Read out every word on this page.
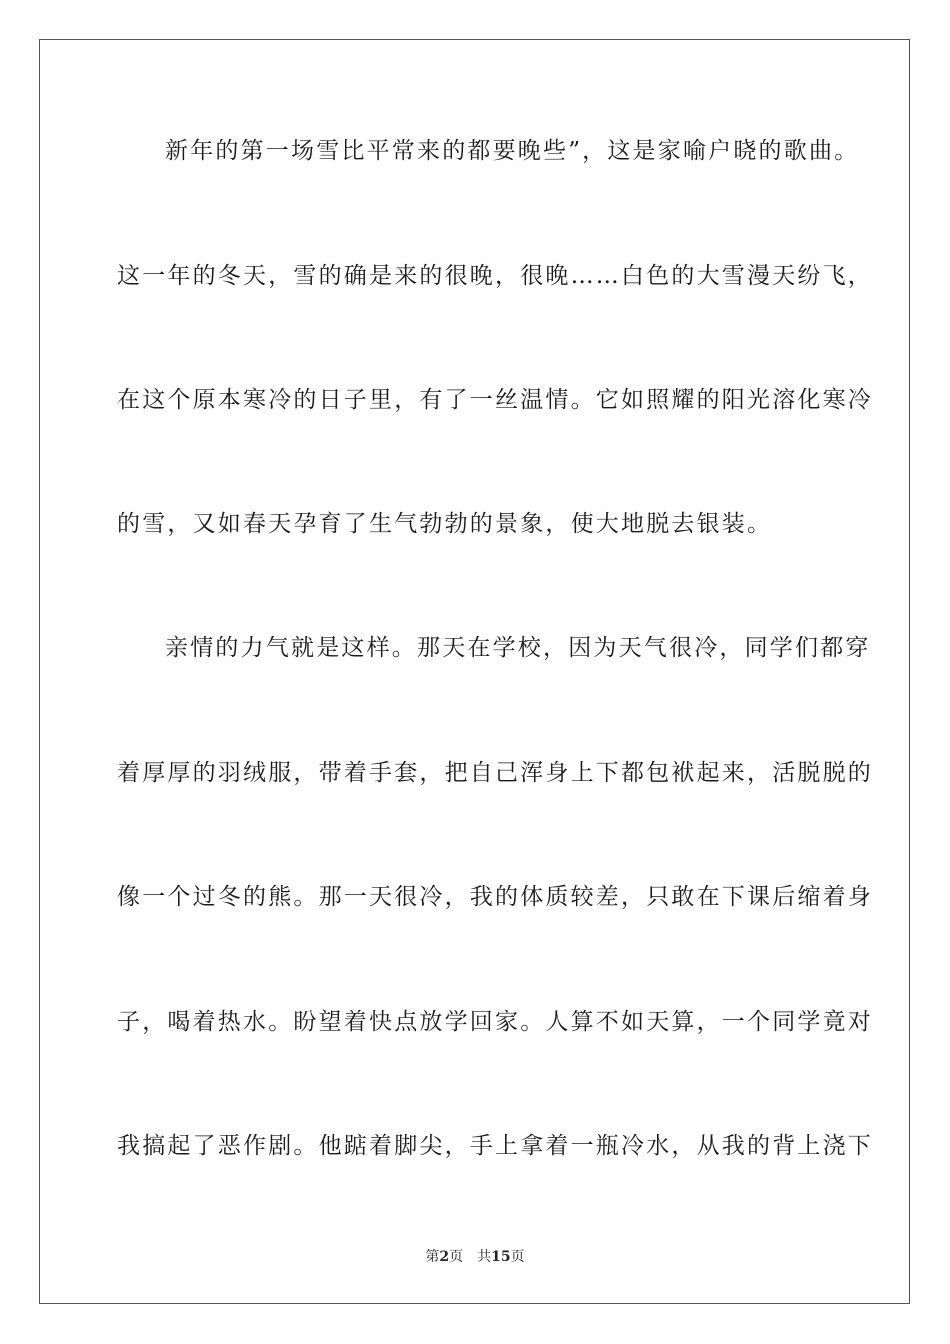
新年的第一场雪比平常来的都要晚些”，这是家喻户晓的歌曲。
这一年的冬天，雪的确是来的很晚，很晚……白色的大雪漫天纷飞，
在这个原本寒冷的日子里，有了一丝温情。它如照耀的阳光溶化寒冷
的雪，又如春天孕育了生气勃勃的景象，使大地脱去银装。
亲情的力气就是这样。那天在学校，因为天气很冷，同学们都穿
着厚厚的羽绒服，带着手套，把自己浑身上下都包袱起来，活脱脱的
像一个过冬的熊。那一天很冷，我的体质较差，只敢在下课后缩着身
子，喝着热水。盼望着快点放学回家。人算不如天算，一个同学竟对
我搞起了恶作剧。他踮着脚尖，手上拿着一瓶冷水，从我的背上浇下
第2页 共15页
